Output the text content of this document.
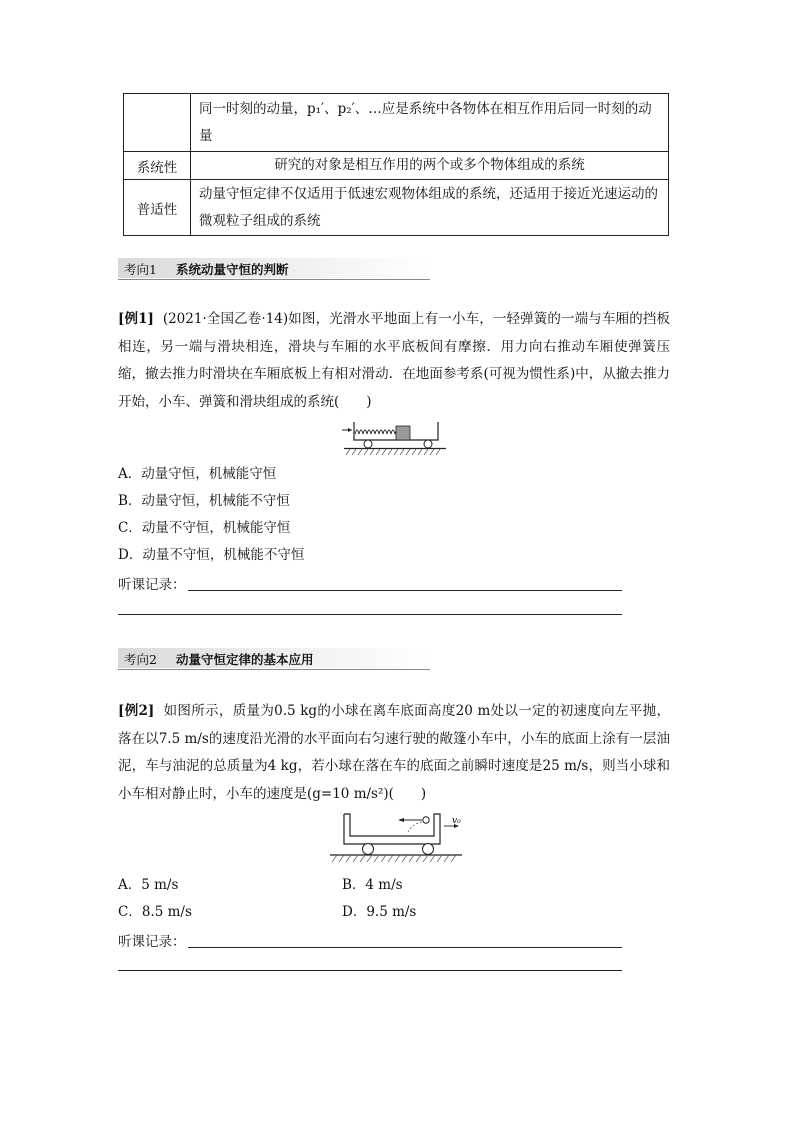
	同一时刻的动量，p₁′、p₂′、…应是系统中各物体在相互作用后同一时刻的动量
系统性	研究的对象是相互作用的两个或多个物体组成的系统
普适性	动量守恒定律不仅适用于低速宏观物体组成的系统，还适用于接近光速运动的微观粒子组成的系统
考向1 系统动量守恒的判断
[例1] (2021·全国乙卷·14)如图，光滑水平地面上有一小车，一轻弹簧的一端与车厢的挡板相连，另一端与滑块相连，滑块与车厢的水平底板间有摩擦．用力向右推动车厢使弹簧压缩，撤去推力时滑块在车厢底板上有相对滑动．在地面参考系(可视为惯性系)中，从撤去推力开始，小车、弹簧和滑块组成的系统(　　)
A．动量守恒，机械能守恒
B．动量守恒，机械能不守恒
C．动量不守恒，机械能守恒
D．动量不守恒，机械能不守恒
听课记录：
考向2 动量守恒定律的基本应用
[例2] 如图所示，质量为0.5 kg的小球在离车底面高度20 m处以一定的初速度向左平抛，落在以7.5 m/s的速度沿光滑的水平面向右匀速行驶的敞篷小车中，小车的底面上涂有一层油泥，车与油泥的总质量为4 kg，若小球在落在车的底面之前瞬时速度是25 m/s，则当小球和小车相对静止时，小车的速度是(g=10 m/s²)(　　)
v₀
A．5 m/s	B．4 m/s
C．8.5 m/s	D．9.5 m/s
听课记录：
